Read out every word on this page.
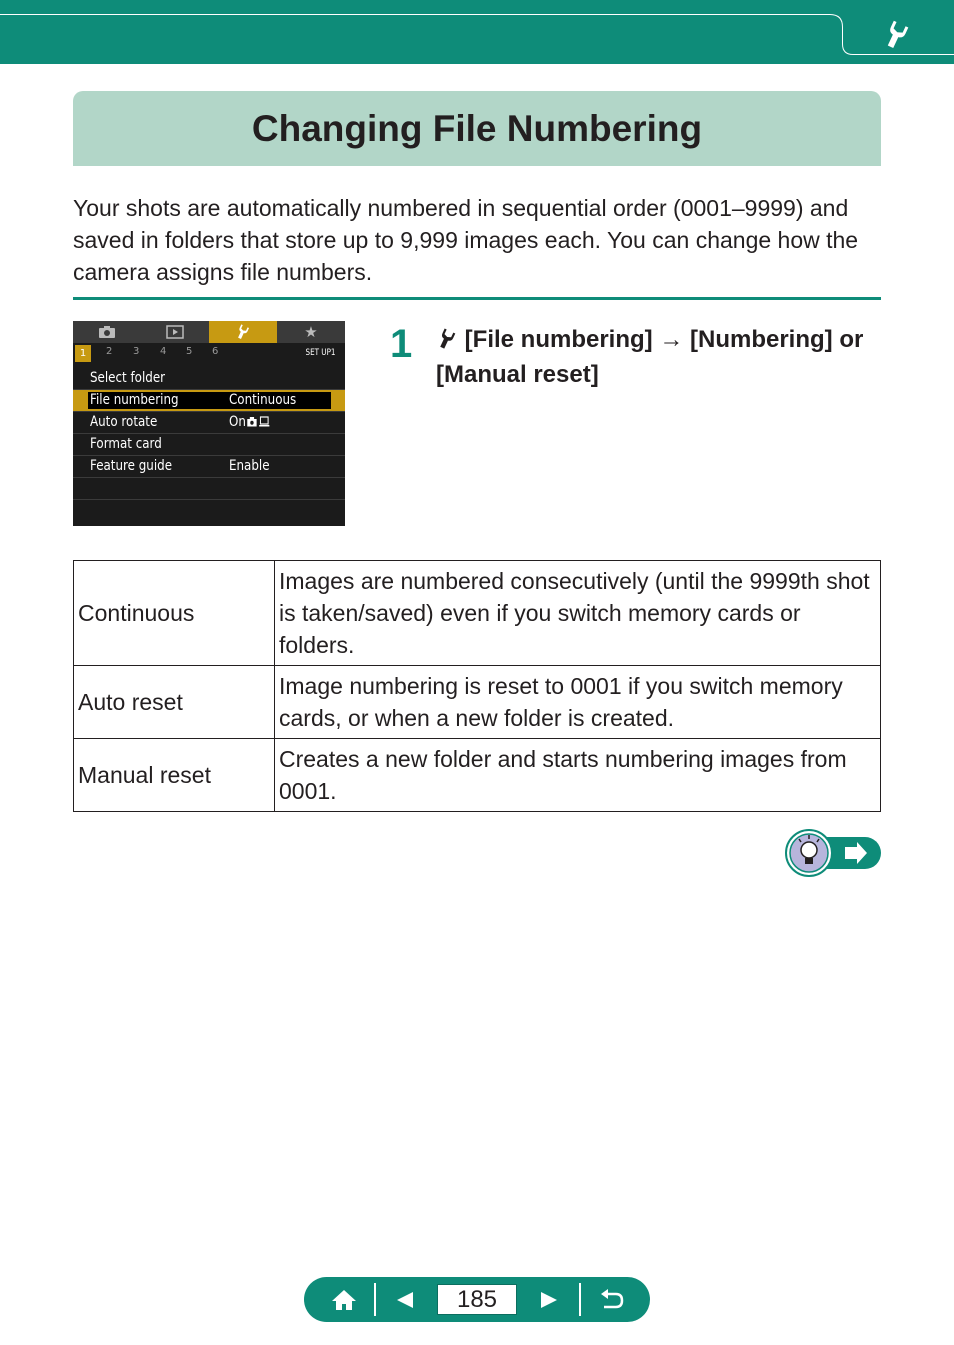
Changing File Numbering

Your shots are automatically numbered in sequential order (0001–9999) and saved in folders that store up to 9,999 images each. You can change how the camera assigns file numbers.

★
1	2 3 4 5 6	SET UP1
Select folder
File numbering	Continuous
Auto rotate	On
Format card
Feature guide	Enable
1	[File numbering] → [Numbering] or [Manual reset]

Continuous	Images are numbered consecutively (until the 9999th shot is taken/saved) even if you switch memory cards or folders.
Auto reset	Image numbering is reset to 0001 if you switch memory cards, or when a new folder is created.
Manual reset	Creates a new folder and starts numbering images from 0001.
185
